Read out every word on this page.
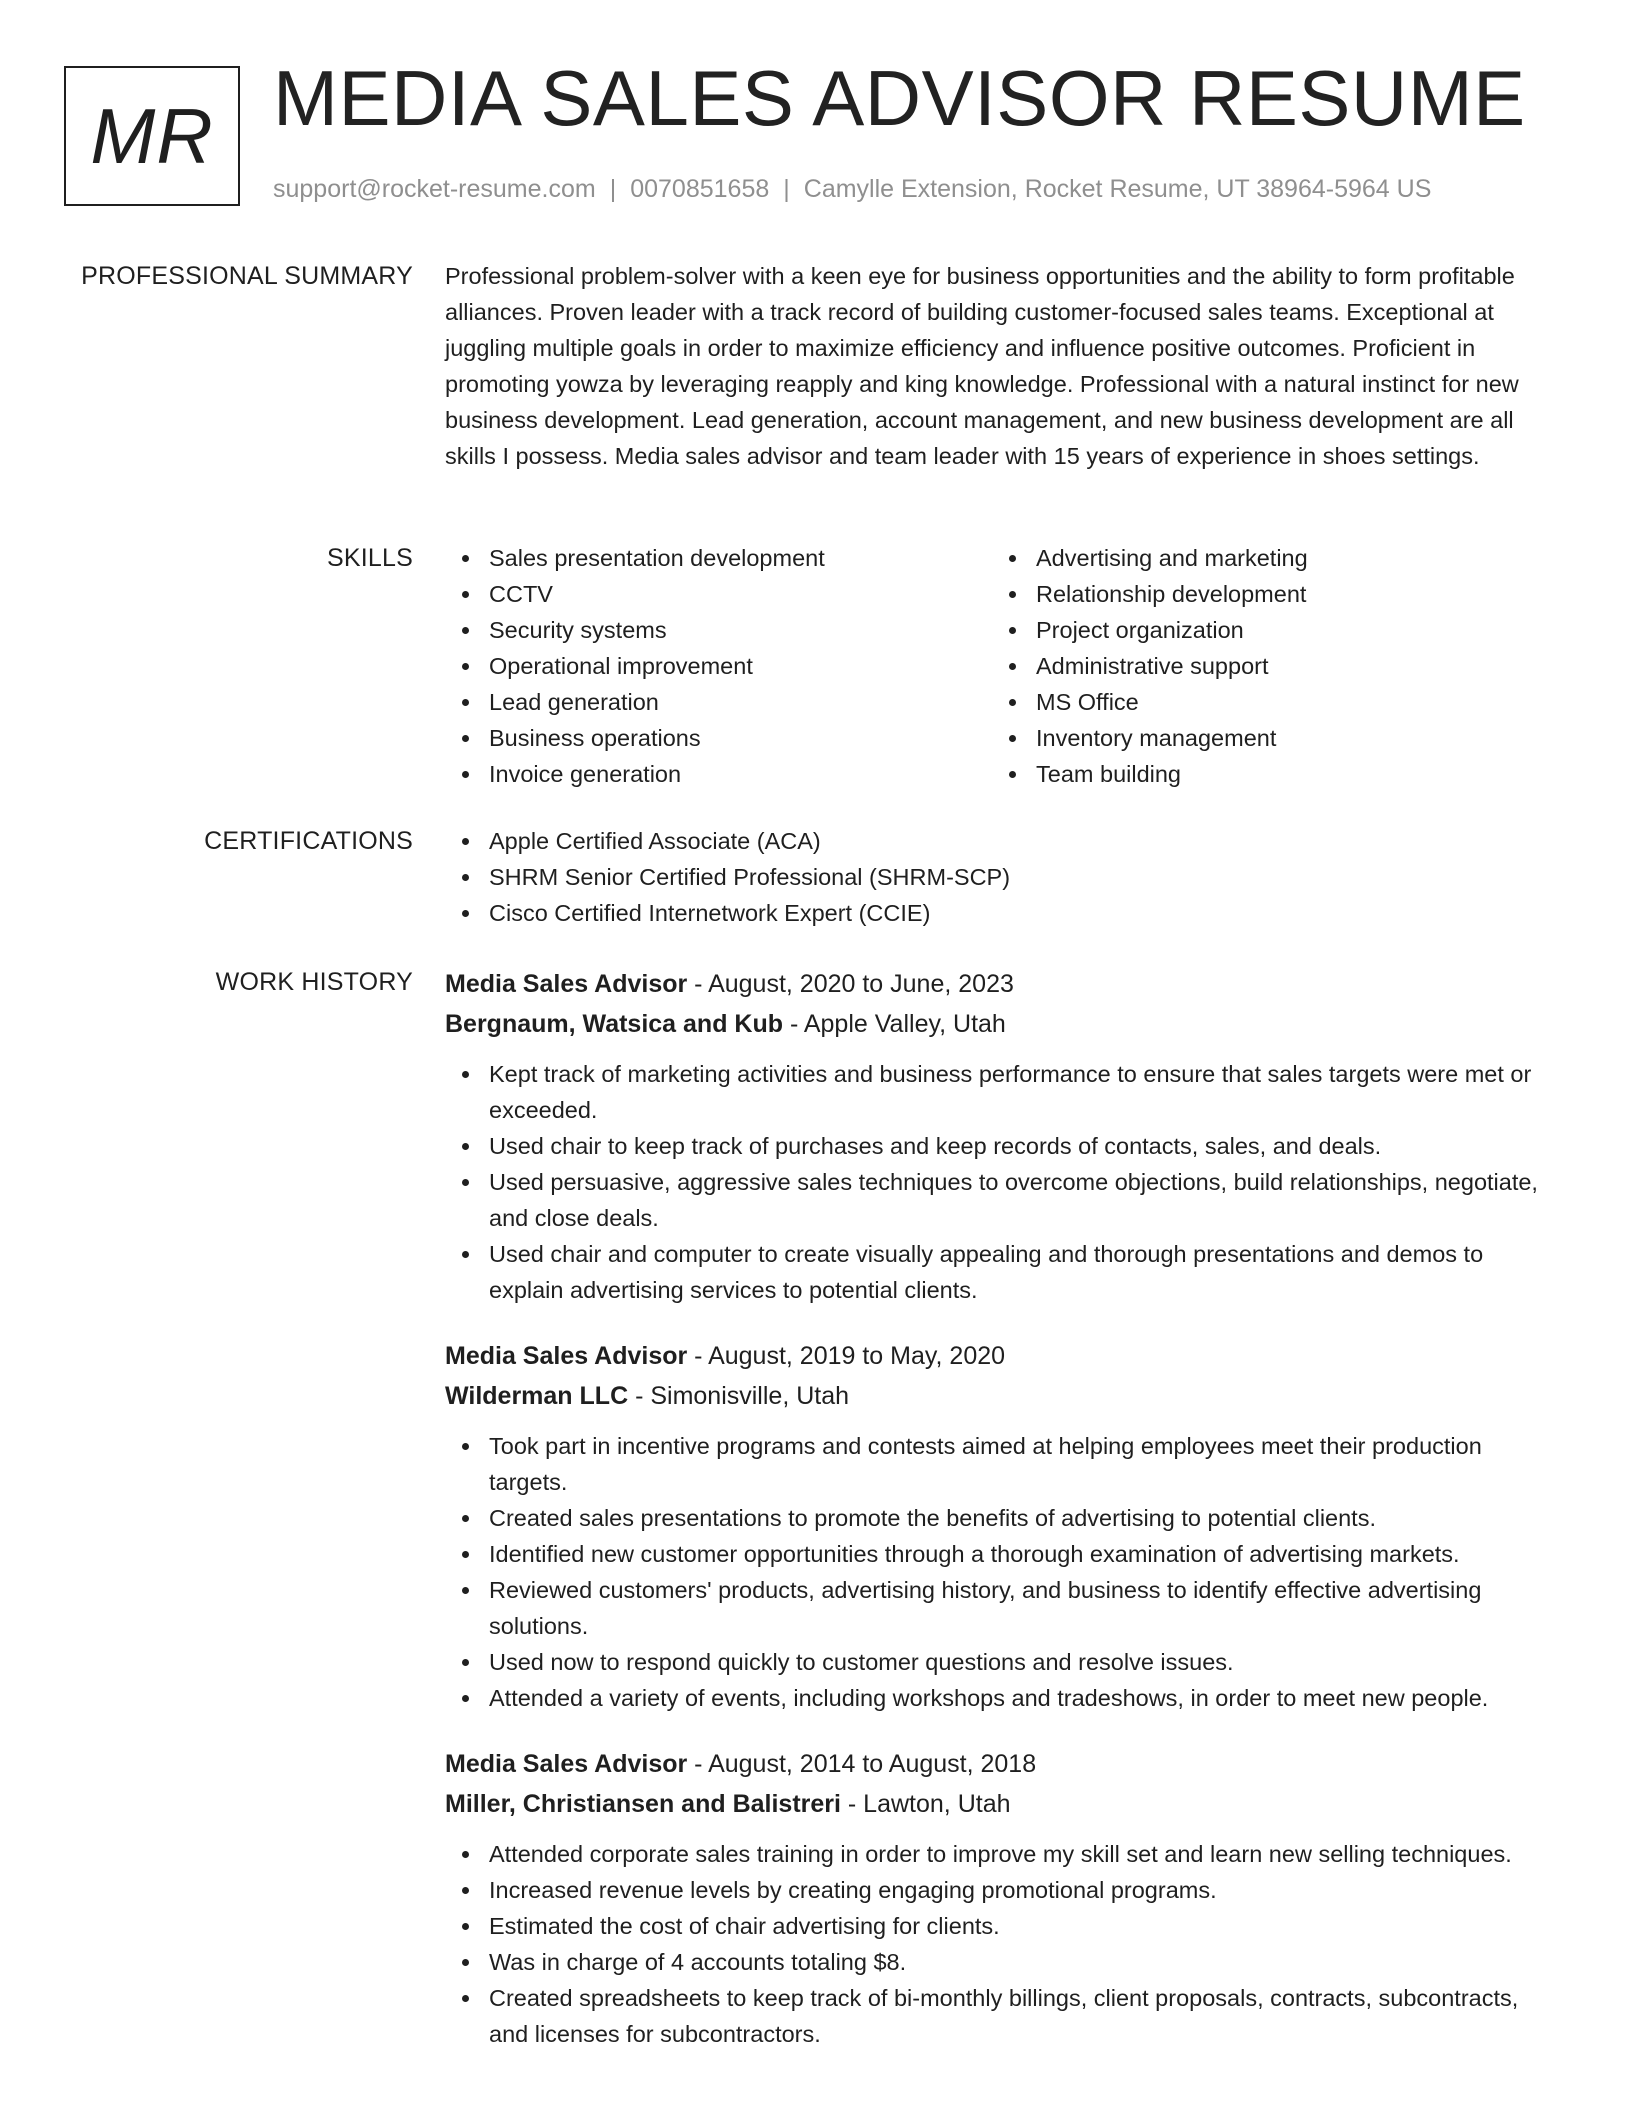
MR MEDIA SALES ADVISOR RESUME
support@rocket-resume.com | 0070851658 | Camylle Extension, Rocket Resume, UT 38964-5964 US
PROFESSIONAL SUMMARY Professional problem-solver with a keen eye for business opportunities and the ability to form profitable alliances. Proven leader with a track record of building customer-focused sales teams. Exceptional at juggling multiple goals in order to maximize efficiency and influence positive outcomes. Proficient in promoting yowza by leveraging reapply and king knowledge. Professional with a natural instinct for new business development. Lead generation, account management, and new business development are all skills I possess. Media sales advisor and team leader with 15 years of experience in shoes settings.

SKILLS	Sales presentation development
CCTV
Security systems
Operational improvement
Lead generation
Business operations
Invoice generation
Advertising and marketing
Relationship development
Project organization
Administrative support
MS Office
Inventory management
Team building
CERTIFICATIONS	Apple Certified Associate (ACA)
SHRM Senior Certified Professional (SHRM-SCP)
Cisco Certified Internetwork Expert (CCIE)
WORK HISTORY Media Sales Advisor - August, 2020 to June, 2023
Bergnaum, Watsica and Kub - Apple Valley, Utah
Kept track of marketing activities and business performance to ensure that sales targets were met or exceeded.
Used chair to keep track of purchases and keep records of contacts, sales, and deals.
Used persuasive, aggressive sales techniques to overcome objections, build relationships, negotiate, and close deals.
Used chair and computer to create visually appealing and thorough presentations and demos to explain advertising services to potential clients.
Media Sales Advisor - August, 2019 to May, 2020
Wilderman LLC - Simonisville, Utah
Took part in incentive programs and contests aimed at helping employees meet their production targets.
Created sales presentations to promote the benefits of advertising to potential clients.
Identified new customer opportunities through a thorough examination of advertising markets.
Reviewed customers' products, advertising history, and business to identify effective advertising solutions.
Used now to respond quickly to customer questions and resolve issues.
Attended a variety of events, including workshops and tradeshows, in order to meet new people.
Media Sales Advisor - August, 2014 to August, 2018
Miller, Christiansen and Balistreri - Lawton, Utah
Attended corporate sales training in order to improve my skill set and learn new selling techniques.
Increased revenue levels by creating engaging promotional programs.
Estimated the cost of chair advertising for clients.
Was in charge of 4 accounts totaling $8.
Created spreadsheets to keep track of bi-monthly billings, client proposals, contracts, subcontracts, and licenses for subcontractors.
